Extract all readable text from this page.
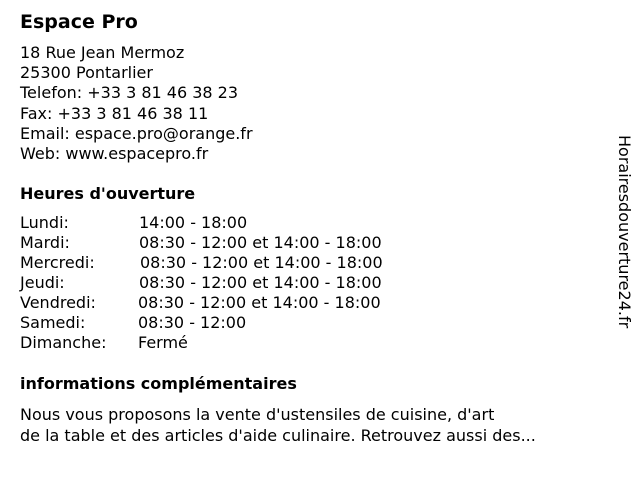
Espace Pro
18 Rue Jean Mermoz
25300 Pontarlier
Telefon: +33 3 81 46 38 23
Fax: +33 3 81 46 38 11
Email: espace.pro@orange.fr
Web: www.espacepro.fr
Heures d'ouverture
Lundi:	14:00 - 18:00
Mardi:	08:30 - 12:00 et 14:00 - 18:00
Mercredi:	08:30 - 12:00 et 14:00 - 18:00
Jeudi:	08:30 - 12:00 et 14:00 - 18:00
Vendredi:	08:30 - 12:00 et 14:00 - 18:00
Samedi:	08:30 - 12:00
Dimanche: Fermé
informations complémentaires
Nous vous proposons la vente d'ustensiles de cuisine, d'art
de la table et des articles d'aide culinaire. Retrouvez aussi des...
Horairesdouverture24.fr
